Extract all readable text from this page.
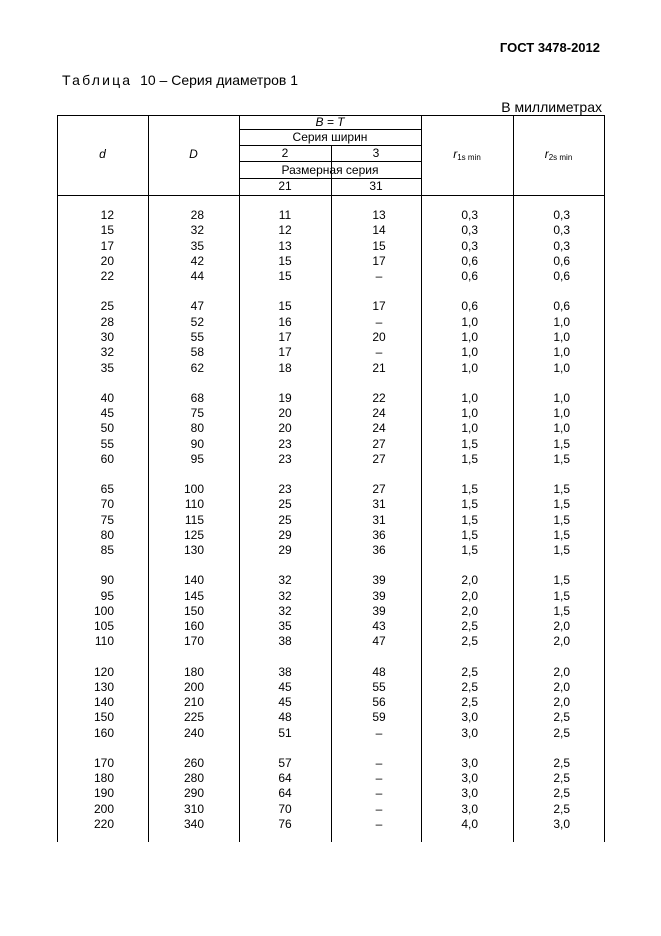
ГОСТ 3478-2012
Таблица 10 – Серия диаметров 1
В миллиметрах
d	D
B = T
Серия ширин
2	3
Размерная серия
21	31
$r_{1s min}$	$r_{2s min}$
12	28	11	13	0,3	0,3
15	32	12	14	0,3	0,3
17	35	13	15	0,3	0,3
20	42	15	17	0,6	0,6
22	44	15	–	0,6	0,6
25	47	15	17	0,6	0,6
28	52	16	–	1,0	1,0
30	55	17	20	1,0	1,0
32	58	17	–	1,0	1,0
35	62	18	21	1,0	1,0
40	68	19	22	1,0	1,0
45	75	20	24	1,0	1,0
50	80	20	24	1,0	1,0
55	90	23	27	1,5	1,5
60	95	23	27	1,5	1,5
65	100	23	27	1,5	1,5
70	110	25	31	1,5	1,5
75	115	25	31	1,5	1,5
80	125	29	36	1,5	1,5
85	130	29	36	1,5	1,5
90	140	32	39	2,0	1,5
95	145	32	39	2,0	1,5
100	150	32	39	2,0	1,5
105	160	35	43	2,5	2,0
110	170	38	47	2,5	2,0
120	180	38	48	2,5	2,0
130	200	45	55	2,5	2,0
140	210	45	56	2,5	2,0
150	225	48	59	3,0	2,5
160	240	51	–	3,0	2,5
170	260	57	–	3,0	2,5
180	280	64	–	3,0	2,5
190	290	64	–	3,0	2,5
200	310	70	–	3,0	2,5
220	340	76	–	4,0	3,0
